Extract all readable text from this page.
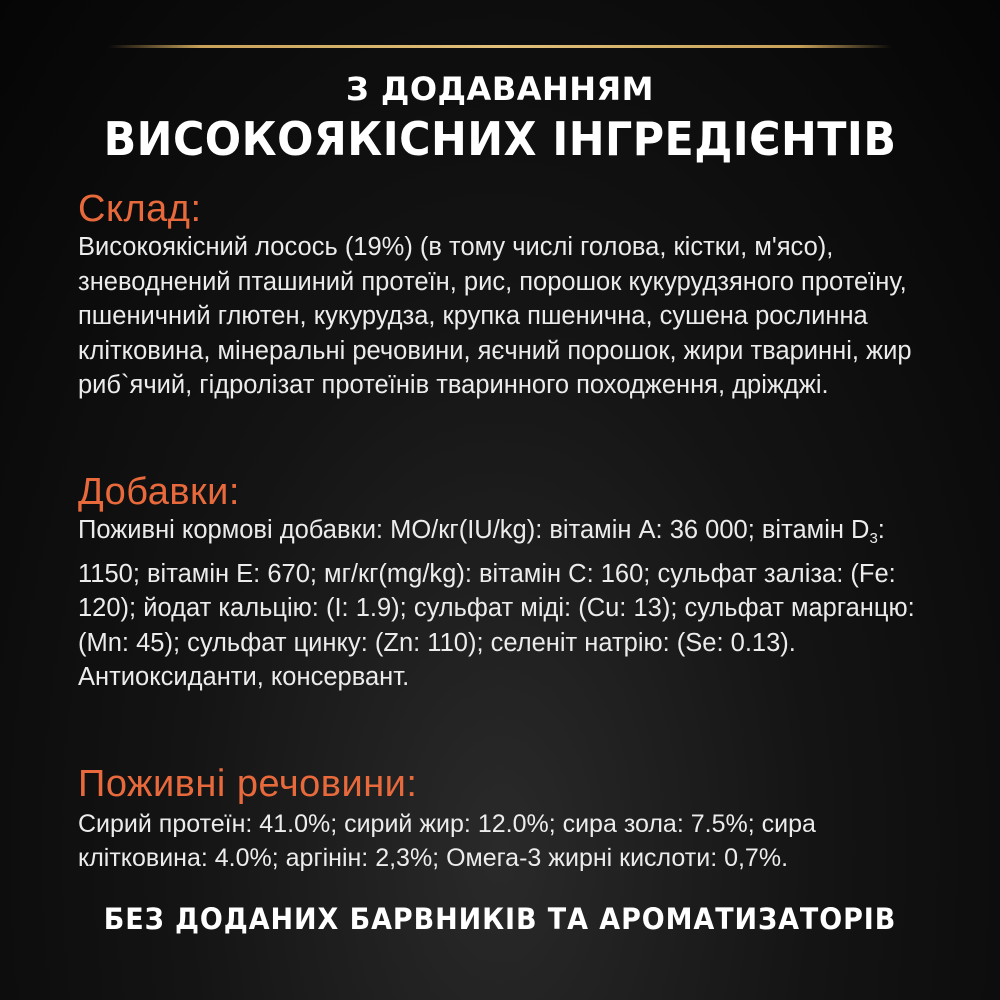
З ДОДАВАННЯМ
ВИСОКОЯКІСНИХ ІНГРЕДІЄНТІВ
Склад:

Високоякісний лосось (19%) (в тому числі голова, кістки, м'ясо), зневоднений пташиний протеїн, рис, порошок кукурудзяного протеїну, пшеничний глютен, кукурудза, крупка пшенична, сушена рослинна клітковина, мінеральні речовини, яєчний порошок, жири тваринні, жир риб`ячий, гідролізат протеїнів тваринного походження, дріжджі.

Добавки:

Поживні кормові добавки: МО/кг(IU/kg): вітамін А: 36 000; вітамін $D_3$: 1150; вітамін Е: 670; мг/кг(mg/kg): вітамін С: 160; сульфат заліза: (Fe: 120); йодат кальцію: (I: 1.9); сульфат міді: (Cu: 13); сульфат марганцю: (Mn: 45); сульфат цинку: (Zn: 110); селеніт натрію: (Se: 0.13). Антиоксиданти, консервант.

Поживні речовини:

Сирий протеїн: 41.0%; сирий жир: 12.0%; сира зола: 7.5%; сира клітковина: 4.0%; аргінін: 2,3%; Омега-3 жирні кислоти: 0,7%.

БЕЗ ДОДАНИХ БАРВНИКІВ ТА АРОМАТИЗАТОРІВ
